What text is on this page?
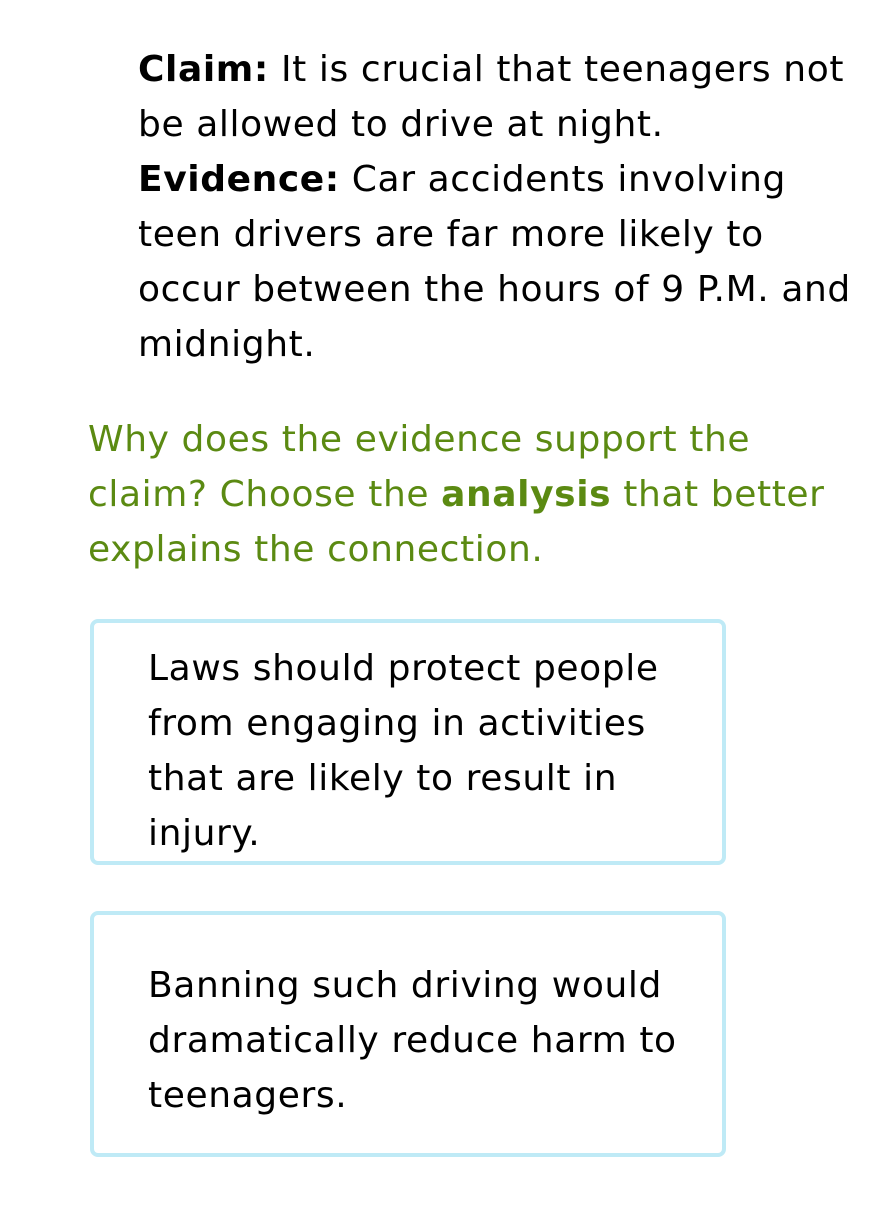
Claim: It is crucial that teenagers not be allowed to drive at night.
Evidence: Car accidents involving teen drivers are far more likely to occur between the hours of 9 P.M. and midnight.
Why does the evidence support the claim? Choose the analysis that better explains the connection.
Laws should protect people from engaging in activities that are likely to result in injury.
Banning such driving would dramatically reduce harm to teenagers.
